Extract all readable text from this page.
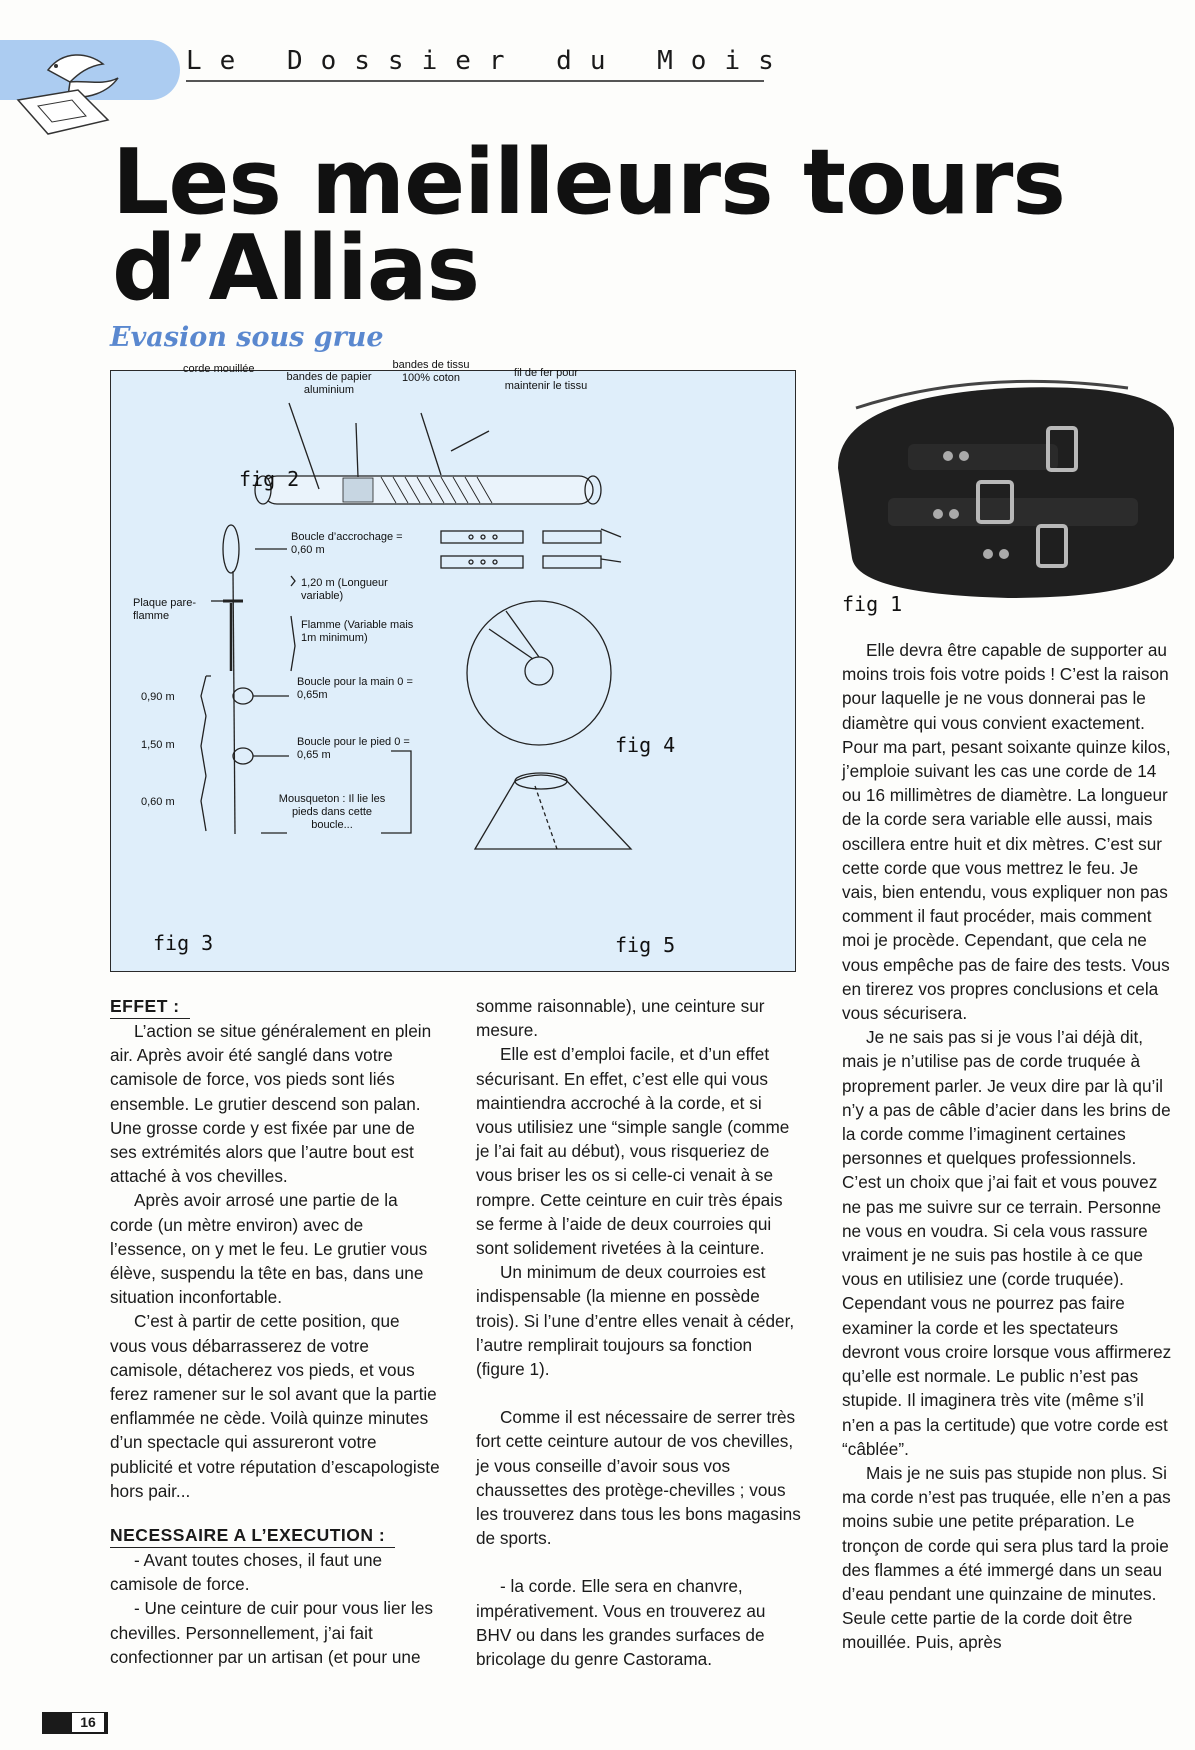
Le Dossier du Mois
Les meilleurs tours
d’Allias
Evasion sous grue
corde mouillée
bandes de papier aluminium
bandes de tissu 100% coton	fil de fer pour maintenir le tissu
fig 2
Boucle d’accrochage = 0,60 m
1,20 m (Longueur variable)
Plaque pare-flamme
Flamme (Variable mais 1m minimum)
Boucle pour la main 0 = 0,65m
Boucle pour le pied 0 = 0,65 m
Mousqueton : Il lie les pieds dans cette boucle...
0,90 m
1,50 m
0,60 m
fig 3
fig 4
fig 5
fig 1
EFFET :

L’action se situe généralement en plein air. Après avoir été sanglé dans votre camisole de force, vos pieds sont liés ensemble. Le grutier descend son palan. Une grosse corde y est fixée par une de ses extrémités alors que l’autre bout est attaché à vos chevilles.

Après avoir arrosé une partie de la corde (un mètre environ) avec de l’essence, on y met le feu. Le grutier vous élève, suspendu la tête en bas, dans une situation inconfortable.

C’est à partir de cette position, que vous vous débarrasserez de votre camisole, détacherez vos pieds, et vous ferez ramener sur le sol avant que la partie enflammée ne cède. Voilà quinze minutes d’un spectacle qui assureront votre publicité et votre réputation d’escapologiste hors pair...

NECESSAIRE A L’EXECUTION :

- Avant toutes choses, il faut une camisole de force.

- Une ceinture de cuir pour vous lier les chevilles. Personnellement, j’ai fait confectionner par un artisan (et pour une

somme raisonnable), une ceinture sur mesure.

Elle est d’emploi facile, et d’un effet sécurisant. En effet, c’est elle qui vous maintiendra accroché à la corde, et si vous utilisiez une “simple sangle (comme je l’ai fait au début), vous risqueriez de vous briser les os si celle-ci venait à se rompre. Cette ceinture en cuir très épais se ferme à l’aide de deux courroies qui sont solidement rivetées à la ceinture.

Un minimum de deux courroies est indispensable (la mienne en possède trois). Si l’une d’entre elles venait à céder, l’autre remplirait toujours sa fonction (figure 1).

Comme il est nécessaire de serrer très fort cette ceinture autour de vos chevilles, je vous conseille d’avoir sous vos chaussettes des protège-chevilles ; vous les trouverez dans tous les bons magasins de sports.

- la corde. Elle sera en chanvre, impérativement. Vous en trouverez au BHV ou dans les grandes surfaces de bricolage du genre Castorama.

Elle devra être capable de supporter au moins trois fois votre poids ! C’est la raison pour laquelle je ne vous donnerai pas le diamètre qui vous convient exactement. Pour ma part, pesant soixante quinze kilos, j’emploie suivant les cas une corde de 14 ou 16 millimètres de diamètre. La longueur de la corde sera variable elle aussi, mais oscillera entre huit et dix mètres. C’est sur cette corde que vous mettrez le feu. Je vais, bien entendu, vous expliquer non pas comment il faut procéder, mais comment moi je procède. Cependant, que cela ne vous empêche pas de faire des tests. Vous en tirerez vos propres conclusions et cela vous sécurisera.

Je ne sais pas si je vous l’ai déjà dit, mais je n’utilise pas de corde truquée à proprement parler. Je veux dire par là qu’il n’y a pas de câble d’acier dans les brins de la corde comme l’imaginent certaines personnes et quelques professionnels. C’est un choix que j’ai fait et vous pouvez ne pas me suivre sur ce terrain. Personne ne vous en voudra. Si cela vous rassure vraiment je ne suis pas hostile à ce que vous en utilisiez une (corde truquée). Cependant vous ne pourrez pas faire examiner la corde et les spectateurs devront vous croire lorsque vous affirmerez qu’elle est normale. Le public n’est pas stupide. Il imaginera très vite (même s’il n’en a pas la certitude) que votre corde est “câblée”.

Mais je ne suis pas stupide non plus. Si ma corde n’est pas truquée, elle n’en a pas moins subie une petite préparation. Le tronçon de corde qui sera plus tard la proie des flammes a été immergé dans un seau d’eau pendant une quinzaine de minutes. Seule cette partie de la corde doit être mouillée. Puis, après

16
